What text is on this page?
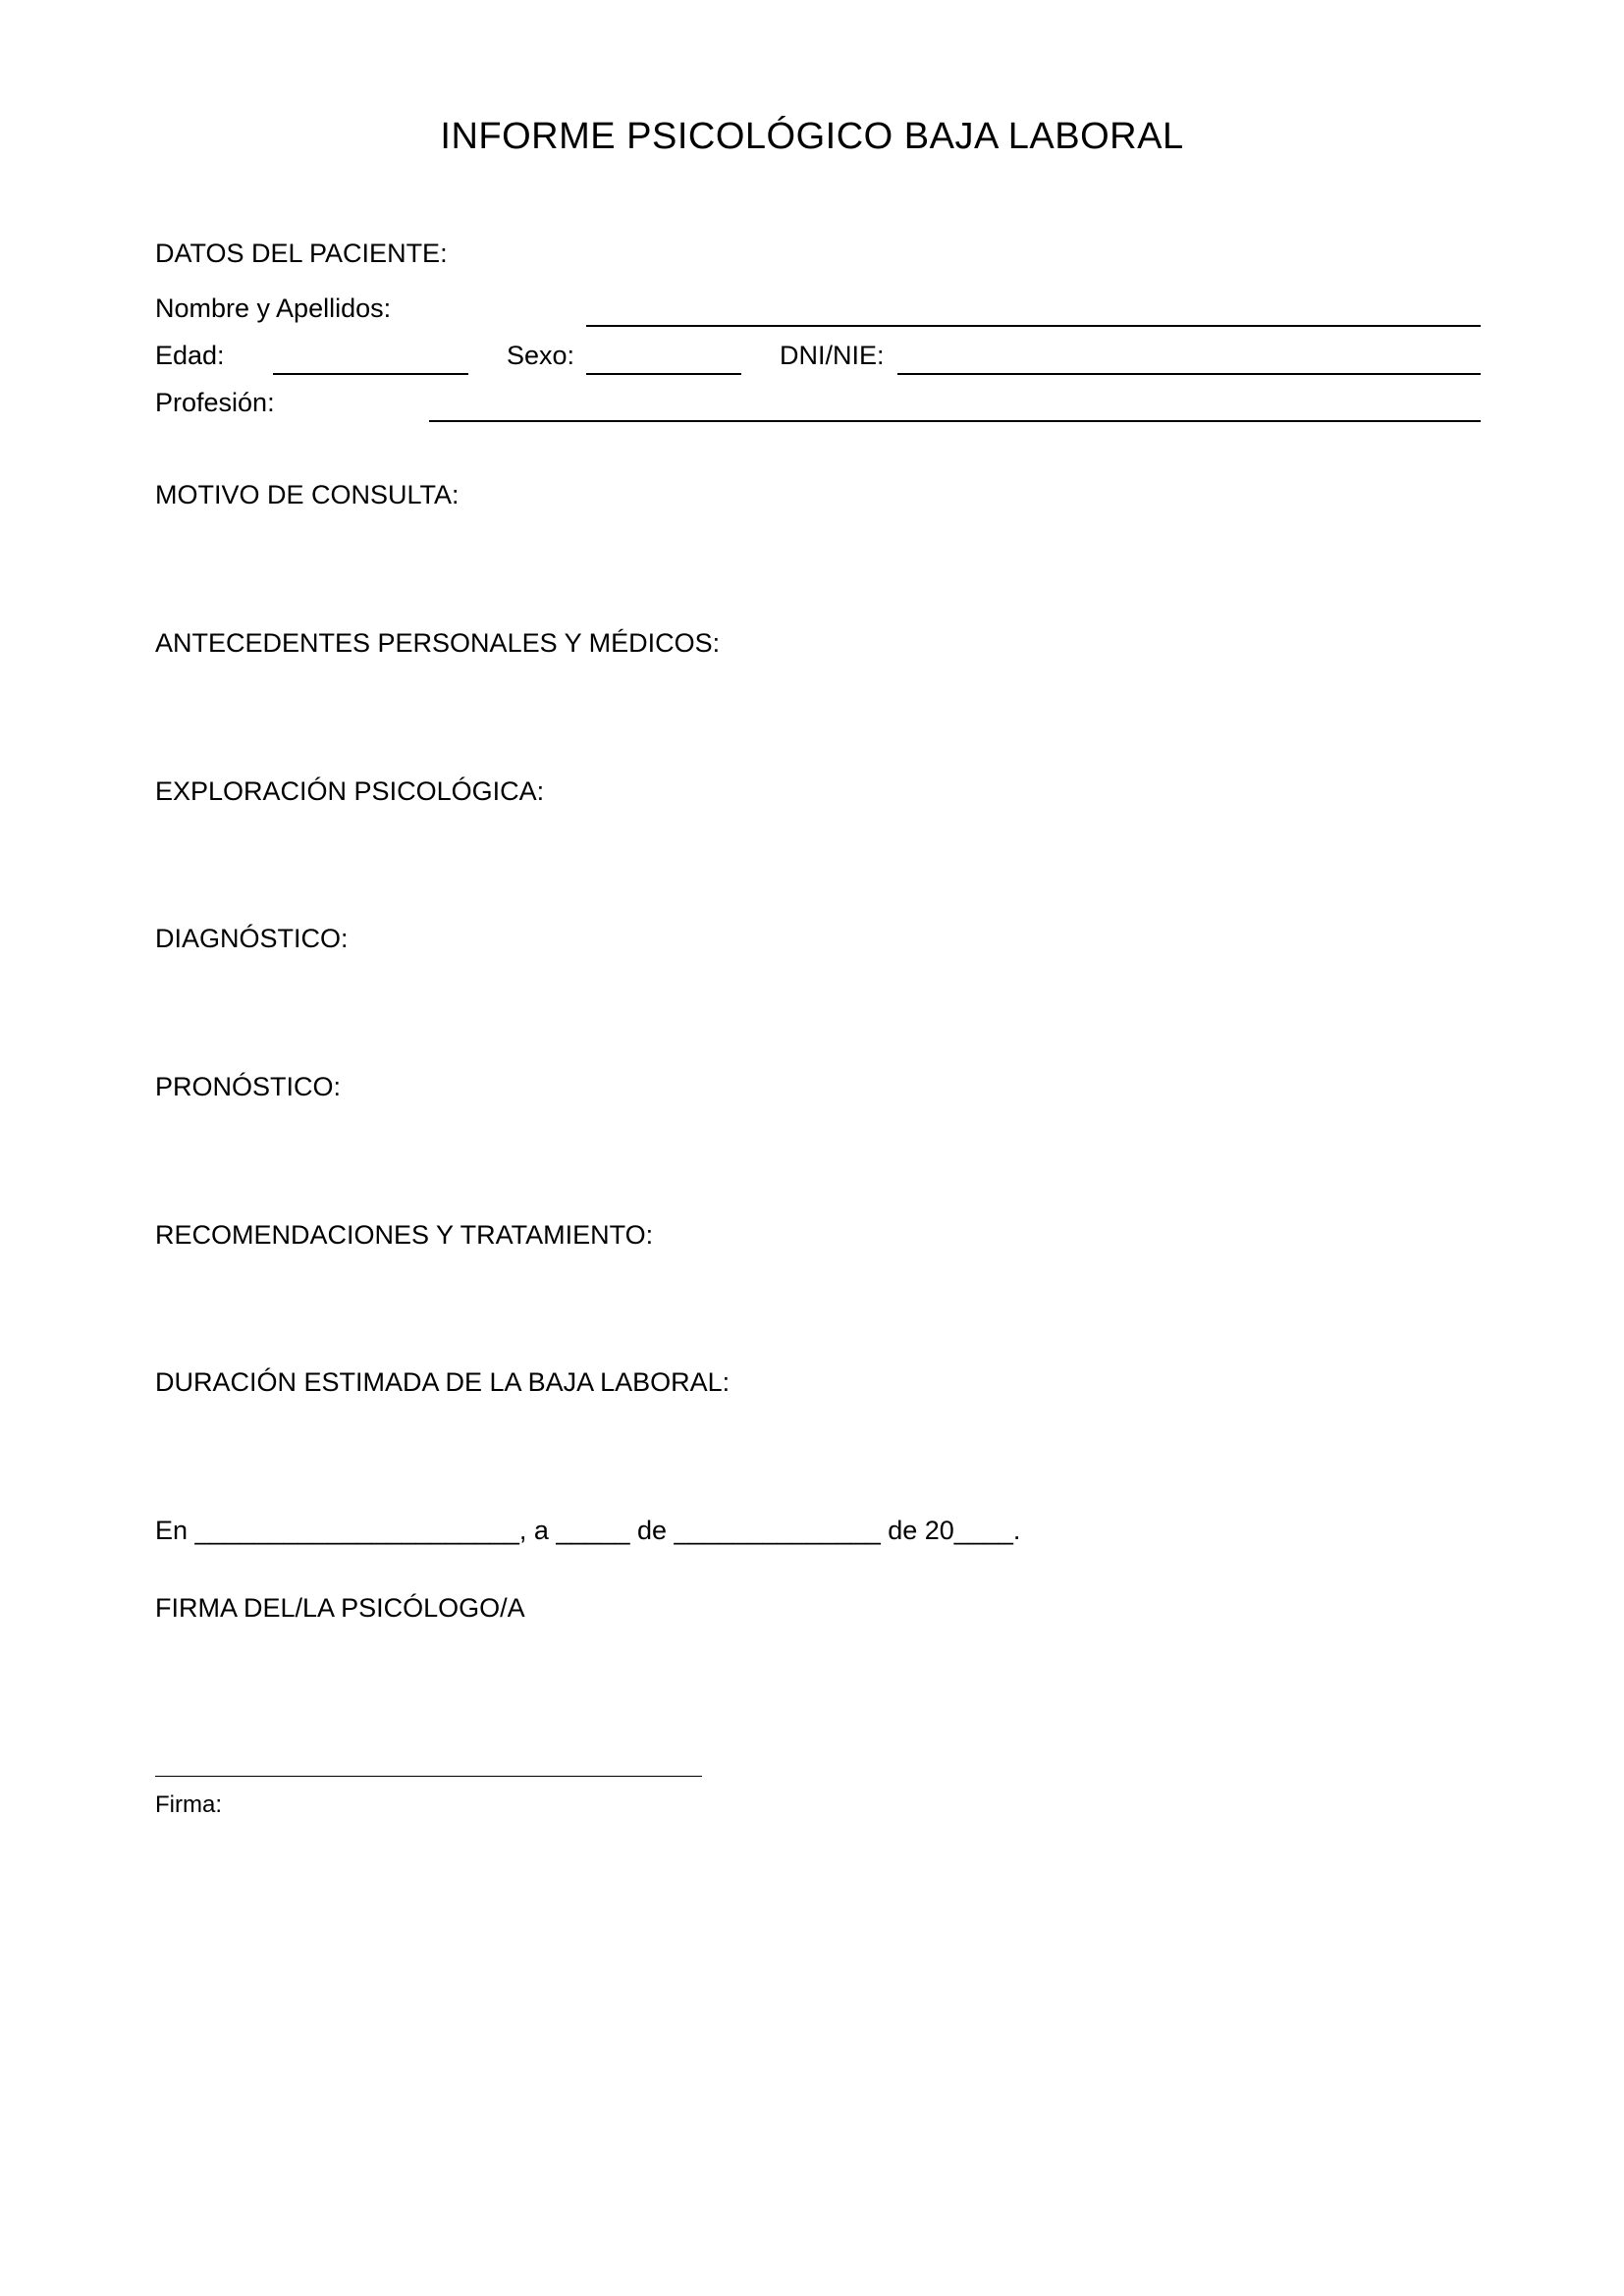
INFORME PSICOLÓGICO BAJA LABORAL
DATOS DEL PACIENTE:
Nombre y Apellidos:
Edad:	Sexo:	DNI/NIE:
Profesión:
MOTIVO DE CONSULTA:
ANTECEDENTES PERSONALES Y MÉDICOS:
EXPLORACIÓN PSICOLÓGICA:
DIAGNÓSTICO:
PRONÓSTICO:
RECOMENDACIONES Y TRATAMIENTO:
DURACIÓN ESTIMADA DE LA BAJA LABORAL:
En ______________________, a _____ de ______________ de 20____.
FIRMA DEL/LA PSICÓLOGO/A
Firma:
